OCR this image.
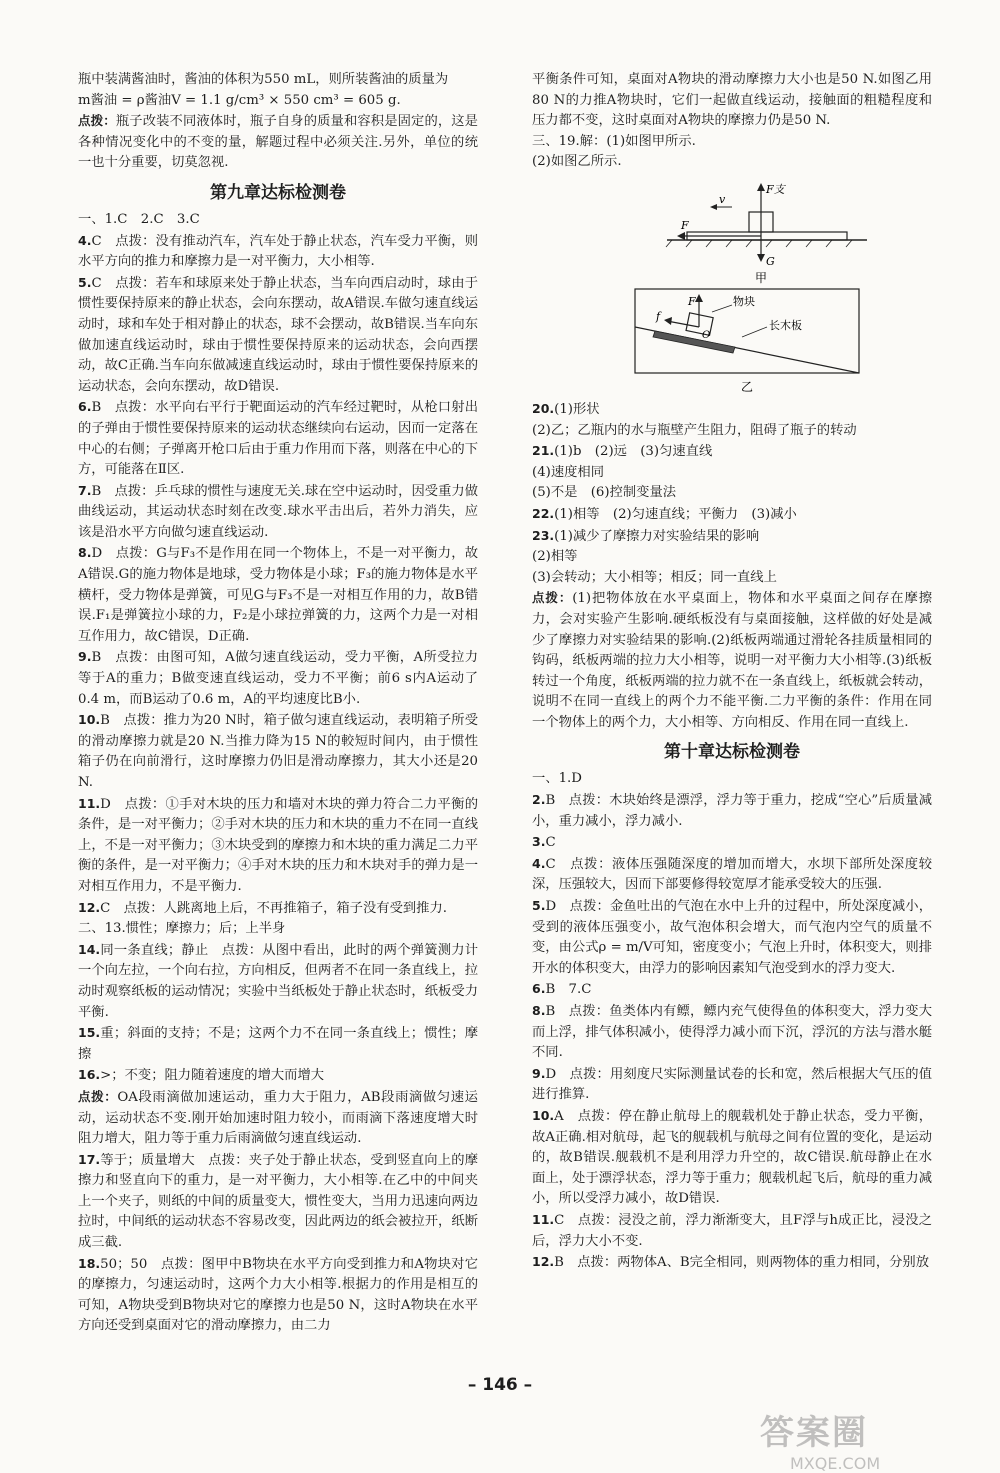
瓶中装满酱油时，酱油的体积为550 mL，则所装酱油的质量为
m酱油 = ρ酱油V = 1.1 g/cm³ × 550 cm³ = 605 g.
点拨：瓶子改装不同液体时，瓶子自身的质量和容积是固定的，这是各种情况变化中的不变的量，解题过程中必须关注.另外，单位的统一也十分重要，切莫忽视.
第九章达标检测卷
一、1.C　2.C　3.C
4.C　点拨：没有推动汽车，汽车处于静止状态，汽车受力平衡，则水平方向的推力和摩擦力是一对平衡力，大小相等.
5.C　点拨：若车和球原来处于静止状态，当车向西启动时，球由于惯性要保持原来的静止状态，会向东摆动，故A错误.车做匀速直线运动时，球和车处于相对静止的状态，球不会摆动，故B错误.当车向东做加速直线运动时，球由于惯性要保持原来的运动状态，会向西摆动，故C正确.当车向东做减速直线运动时，球由于惯性要保持原来的运动状态，会向东摆动，故D错误.
6.B　点拨：水平向右平行于靶面运动的汽车经过靶时，从枪口射出的子弹由于惯性要保持原来的运动状态继续向右运动，因而一定落在中心的右侧；子弹离开枪口后由于重力作用而下落，则落在中心的下方，可能落在Ⅱ区.
7.B　点拨：乒乓球的惯性与速度无关.球在空中运动时，因受重力做曲线运动，其运动状态时刻在改变.球水平击出后，若外力消失，应该是沿水平方向做匀速直线运动.
8.D　点拨：G与F₃不是作用在同一个物体上，不是一对平衡力，故A错误.G的施力物体是地球，受力物体是小球；F₃的施力物体是水平横杆，受力物体是弹簧，可见G与F₃不是一对相互作用的力，故B错误.F₁是弹簧拉小球的力，F₂是小球拉弹簧的力，这两个力是一对相互作用力，故C错误，D正确.
9.B　点拨：由图可知，A做匀速直线运动，受力平衡，A所受拉力等于A的重力；B做变速直线运动，受力不平衡；前6 s内A运动了0.4 m，而B运动了0.6 m，A的平均速度比B小.
10.B　点拨：推力为20 N时，箱子做匀速直线运动，表明箱子所受的滑动摩擦力就是20 N.当推力降为15 N的較短时间内，由于惯性箱子仍在向前滑行，这时摩擦力仍旧是滑动摩擦力，其大小还是20 N.
11.D　点拨：①手对木块的压力和墙对木块的弹力符合二力平衡的条件，是一对平衡力；②手对木块的压力和木块的重力不在同一直线上，不是一对平衡力；③木块受到的摩擦力和木块的重力满足二力平衡的条件，是一对平衡力；④手对木块的压力和木块对手的弹力是一对相互作用力，不是平衡力.
12.C　点拨：人跳离地上后，不再推箱子，箱子没有受到推力.
二、13.惯性；摩擦力；后；上半身
14.同一条直线；静止　点拨：从图中看出，此时的两个弹簧测力计一个向左拉，一个向右拉，方向相反，但两者不在同一条直线上，拉动时观察纸板的运动情况；实验中当纸板处于静止状态时，纸板受力平衡.
15.重；斜面的支持；不是；这两个力不在同一条直线上；惯性；摩擦
16.>；不变；阻力随着速度的增大而增大
点拨：OA段雨滴做加速运动，重力大于阻力，AB段雨滴做匀速运动，运动状态不变.刚开始加速时阻力较小，而雨滴下落速度增大时阻力增大，阻力等于重力后雨滴做匀速直线运动.
17.等于；质量增大　点拨：夹子处于静止状态，受到竖直向上的摩擦力和竖直向下的重力，是一对平衡力，大小相等.在乙中的中间夹上一个夹子，则纸的中间的质量变大，惯性变大，当用力迅速向两边拉时，中间纸的运动状态不容易改变，因此两边的纸会被拉开，纸断成三截.
18.50；50　点拨：图甲中B物块在水平方向受到推力和A物块对它的摩擦力，匀速运动时，这两个力大小相等.根据力的作用是相互的可知，A物块受到B物块对它的摩擦力也是50 N，这时A物块在水平方向还受到桌面对它的滑动摩擦力，由二力
平衡条件可知，桌面对A物块的滑动摩擦力大小也是50 N.如图乙用80 N的力推A物块时，它们一起做直线运动，接触面的粗糙程度和压力都不变，这时桌面对A物块的摩擦力仍是50 N.
三、19.解：(1)如图甲所示.
(2)如图乙所示.
v
F
F支
G
甲
F
f
O
物块
长木板
乙
20.(1)形状
(2)乙；乙瓶内的水与瓶壁产生阻力，阻碍了瓶子的转动
21.(1)b　(2)远　(3)匀速直线
(4)速度相同
(5)不是　(6)控制变量法
22.(1)相等　(2)匀速直线；平衡力　(3)减小
23.(1)减少了摩擦力对实验结果的影响
(2)相等
(3)会转动；大小相等；相反；同一直线上
点拨：(1)把物体放在水平桌面上，物体和水平桌面之间存在摩擦力，会对实验产生影响.硬纸板没有与桌面接触，这样做的好处是减少了摩擦力对实验结果的影响.(2)纸板两端通过滑轮各挂质量相同的钩码，纸板两端的拉力大小相等，说明一对平衡力大小相等.(3)纸板转过一个角度，纸板两端的拉力就不在一条直线上，纸板就会转动，说明不在同一直线上的两个力不能平衡.二力平衡的条件：作用在同一个物体上的两个力，大小相等、方向相反、作用在同一直线上.
第十章达标检测卷
一、1.D
2.B　点拨：木块始终是漂浮，浮力等于重力，挖成“空心”后质量减小，重力减小，浮力减小.
3.C
4.C　点拨：液体压强随深度的增加而增大，水坝下部所处深度较深，压强较大，因而下部要修得较宽厚才能承受较大的压强.
5.D　点拨：金鱼吐出的气泡在水中上升的过程中，所处深度减小，受到的液体压强变小，故气泡体积会增大，而气泡内空气的质量不变，由公式ρ = m/V可知，密度变小；气泡上升时，体积变大，则排开水的体积变大，由浮力的影响因素知气泡受到水的浮力变大.
6.B　7.C
8.B　点拨：鱼类体内有鳔，鳔内充气使得鱼的体积变大，浮力变大而上浮，排气体积减小，使得浮力减小而下沉，浮沉的方法与潜水艇不同.
9.D　点拨：用刻度尺实际测量试卷的长和宽，然后根据大气压的值进行推算.
10.A　点拨：停在静止航母上的舰载机处于静止状态，受力平衡，故A正确.相对航母，起飞的舰载机与航母之间有位置的变化，是运动的，故B错误.舰载机不是利用浮力升空的，故C错误.航母静止在水面上，处于漂浮状态，浮力等于重力；舰载机起飞后，航母的重力减小，所以受浮力减小，故D错误.
11.C　点拨：浸没之前，浮力渐渐变大，且F浮与h成正比，浸没之后，浮力大小不变.
12.B　点拨：两物体A、B完全相同，则两物体的重力相同，分别放
– 146 –
答案圈
MXQE.COM
